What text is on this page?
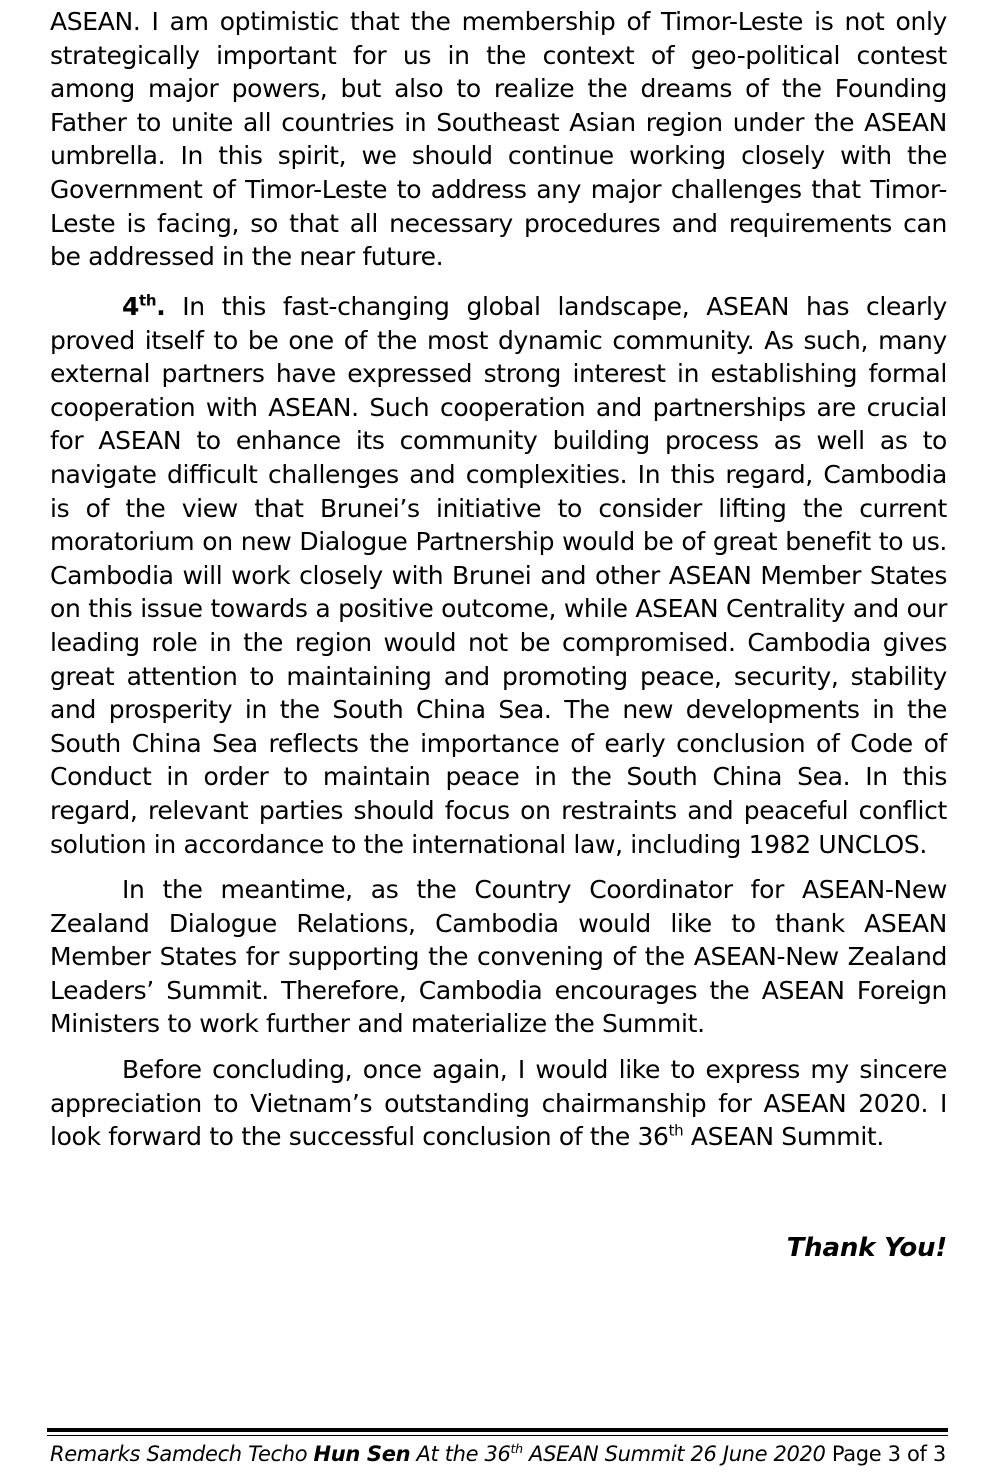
ASEAN. I am optimistic that the membership of Timor-Leste is not only strategically important for us in the context of geo-political contest among major powers, but also to realize the dreams of the Founding Father to unite all countries in Southeast Asian region under the ASEAN umbrella. In this spirit, we should continue working closely with the Government of Timor-Leste to address any major challenges that Timor-Leste is facing, so that all necessary procedures and requirements can be addressed in the near future.

4th. In this fast-changing global landscape, ASEAN has clearly proved itself to be one of the most dynamic community. As such, many external partners have expressed strong interest in establishing formal cooperation with ASEAN. Such cooperation and partnerships are crucial for ASEAN to enhance its community building process as well as to navigate difficult challenges and complexities. In this regard, Cambodia is of the view that Brunei’s initiative to consider lifting the current moratorium on new Dialogue Partnership would be of great benefit to us. Cambodia will work closely with Brunei and other ASEAN Member States on this issue towards a positive outcome, while ASEAN Centrality and our leading role in the region would not be compromised. Cambodia gives great attention to maintaining and promoting peace, security, stability and prosperity in the South China Sea. The new developments in the South China Sea reflects the importance of early conclusion of Code of Conduct in order to maintain peace in the South China Sea. In this regard, relevant parties should focus on restraints and peaceful conflict solution in accordance to the international law, including 1982 UNCLOS.

In the meantime, as the Country Coordinator for ASEAN-New Zealand Dialogue Relations, Cambodia would like to thank ASEAN Member States for supporting the convening of the ASEAN-New Zealand Leaders’ Summit. Therefore, Cambodia encourages the ASEAN Foreign Ministers to work further and materialize the Summit.

Before concluding, once again, I would like to express my sincere appreciation to Vietnam’s outstanding chairmanship for ASEAN 2020. I look forward to the successful conclusion of the 36th ASEAN Summit.

Thank You!

Remarks Samdech Techo Hun Sen At the 36th ASEAN Summit 26 June 2020 Page 3 of 3
